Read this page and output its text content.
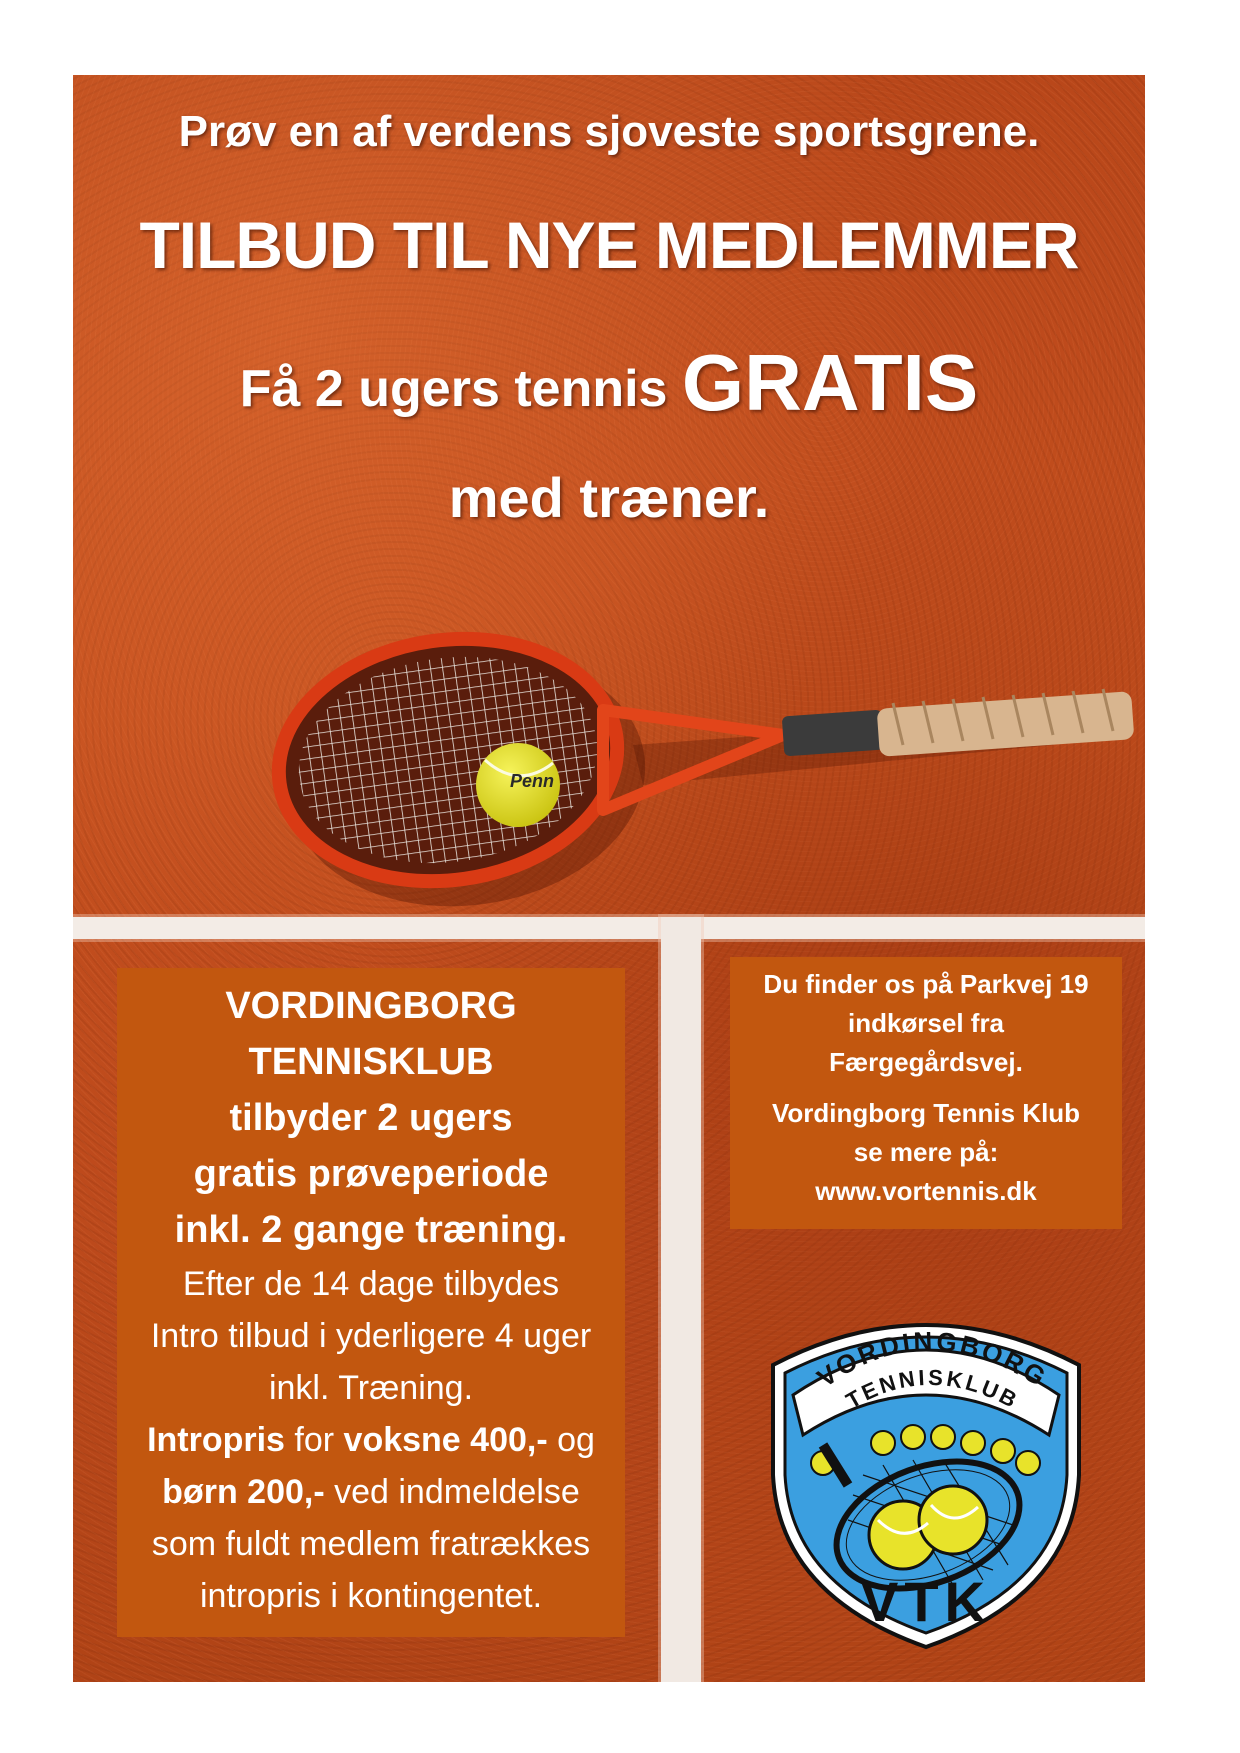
Prøv en af verdens sjoveste sportsgrene.
TILBUD TIL NYE MEDLEMMER
Få 2 ugers tennis GRATIS
med træner.
Penn
VORDINGBORG
TENNISKLUB
tilbyder 2 ugers
gratis prøveperiode
inkl. 2 gange træning.
Efter de 14 dage tilbydes
Intro tilbud i yderligere 4 uger
inkl. Træning.
Intropris for voksne 400,- og
børn 200,- ved indmeldelse
som fuldt medlem fratrækkes
intropris i kontingentet.
Du finder os på Parkvej 19
indkørsel fra
Færgegårdsvej.
Vordingborg Tennis Klub
se mere på:
www.vortennis.dk
VORDINGBORG
TENNISKLUB
VTK
